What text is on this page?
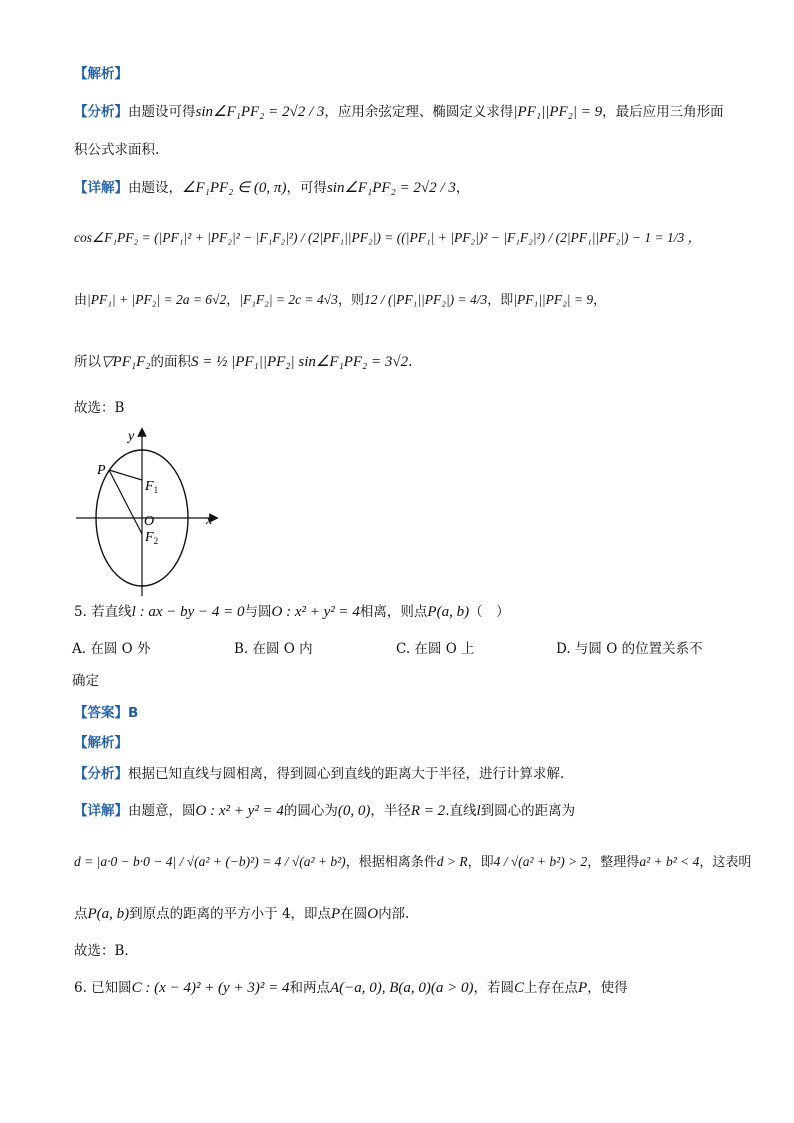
【解析】
【分析】由题设可得sin∠F₁PF₂ = 2√2 / 3，应用余弦定理、椭圆定义求得|PF₁||PF₂| = 9，最后应用三角形面
积公式求面积.
【详解】由题设，∠F₁PF₂ ∈ (0, π)，可得sin∠F₁PF₂ = 2√2 / 3，
cos∠F₁PF₂ = (|PF₁|² + |PF₂|² − |F₁F₂|²) / (2|PF₁||PF₂|) = ((|PF₁| + |PF₂|)² − |F₁F₂|²) / (2|PF₁||PF₂|) − 1 = 1/3 ，
由|PF₁| + |PF₂| = 2a = 6√2，|F₁F₂| = 2c = 4√3，则12 / (|PF₁||PF₂|) = 4/3，即|PF₁||PF₂| = 9，
所以▽PF₁F₂的面积S = ½ |PF₁||PF₂| sin∠F₁PF₂ = 3√2.
故选：B
y
x
P
$F_1$
O
$F_2$
5. 若直线l : ax − by − 4 = 0与圆O : x² + y² = 4相离，则点P(a, b)（　）
A. 在圆 O 外	B. 在圆 O 内	C. 在圆 O 上	D. 与圆 O 的位置关系不
确定
【答案】B
【解析】
【分析】根据已知直线与圆相离，得到圆心到直线的距离大于半径，进行计算求解.
【详解】由题意，圆O : x² + y² = 4的圆心为(0, 0)，半径R = 2.直线l到圆心的距离为
d = |a·0 − b·0 − 4| / √(a² + (−b)²) = 4 / √(a² + b²)，根据相离条件d > R，即4 / √(a² + b²) > 2，整理得a² + b² < 4，这表明
点P(a, b)到原点的距离的平方小于 4，即点P在圆O内部.
故选：B.
6. 已知圆C : (x − 4)² + (y + 3)² = 4和两点A(−a, 0), B(a, 0)(a > 0)，若圆C上存在点P，使得
